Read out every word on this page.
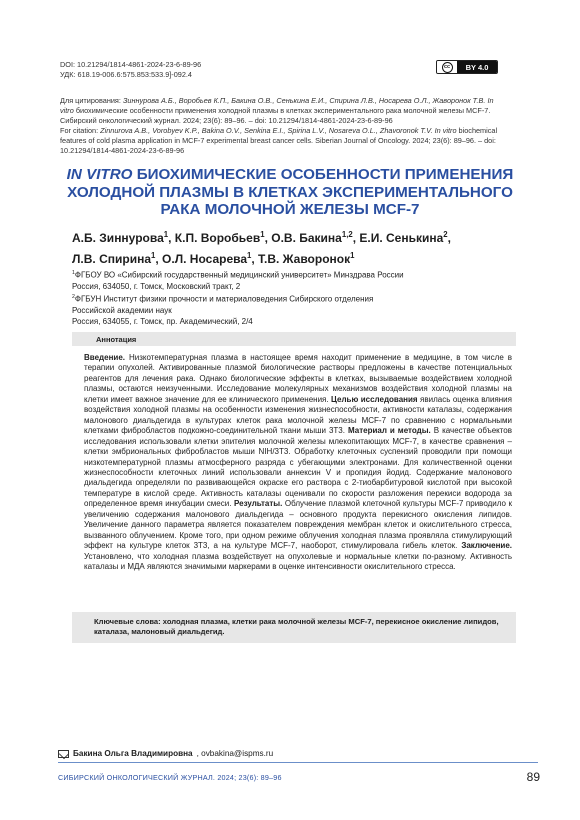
DOI: 10.21294/1814-4861-2024-23-6-89-96
УДК: 618.19-006.6:575.853:533.9]-092.4
cc	BY 4.0

Для цитирования: Зиннурова А.Б., Воробьев К.П., Бакина О.В., Сенькина Е.И., Спирина Л.В., Носарева О.Л., Жаворонок Т.В. In vitro биохимические особенности применения холодной плазмы в клетках экспериментального рака молочной железы MCF-7. Сибирский онкологический журнал. 2024; 23(6): 89–96. – doi: 10.21294/1814-4861-2024-23-6-89-96

For citation: Zinnurova A.B., Vorobyev K.P., Bakina O.V., Senkina E.I., Spirina L.V., Nosareva O.L., Zhavoronok T.V. In vitro biochemical features of cold plasma application in MCF-7 experimental breast cancer cells. Siberian Journal of Oncology. 2024; 23(6): 89–96. – doi: 10.21294/1814-4861-2024-23-6-89-96

IN VITRO БИОХИМИЧЕСКИЕ ОСОБЕННОСТИ ПРИМЕНЕНИЯ ХОЛОДНОЙ ПЛАЗМЫ В КЛЕТКАХ ЭКСПЕРИМЕНТАЛЬНОГО РАКА МОЛОЧНОЙ ЖЕЛЕЗЫ MCF-7
А.Б. Зиннурова$^1$, К.П. Воробьев$^1$, О.В. Бакина$^{1,2}$, Е.И. Сенькина$^2$,
Л.В. Спирина$^1$, О.Л. Носарева$^1$, Т.В. Жаворонок$^1$
$^1$ФГБОУ ВО «Сибирский государственный медицинский университет» Минздрава России
Россия, 634050, г. Томск, Московский тракт, 2
$^2$ФГБУН Институт физики прочности и материаловедения Сибирского отделения
Российской академии наук
Россия, 634055, г. Томск, пр. Академический, 2/4
Аннотация
Введение. Низкотемпературная плазма в настоящее время находит применение в медицине, в том числе в терапии опухолей. Активированные плазмой биологические растворы предложены в качестве потенциальных реагентов для лечения рака. Однако биологические эффекты в клетках, вызываемые воздействием холодной плазмы, остаются неизученными. Исследование молекулярных механизмов воздействия холодной плазмы на клетки имеет важное значение для ее клинического применения. Целью исследования явилась оценка влияния воздействия холодной плазмы на особенности изменения жизнеспособности, активности каталазы, содержания малонового диальдегида в культурах клеток рака молочной железы MCF-7 по сравнению с нормальными клетками фибробластов подкожно-соединительной ткани мыши 3Т3. Материал и методы. В качестве объектов исследования использовали клетки эпителия молочной железы млекопитающих MCF-7, в качестве сравнения – клетки эмбриональных фибробластов мыши NIH/3T3. Обработку клеточных суспензий проводили при помощи низкотемпературной плазмы атмосферного разряда с убегающими электронами. Для количественной оценки жизнеспособности клеточных линий использовали аннексин V и пропидия йодид. Содержание малонового диальдегида определяли по развивающейся окраске его раствора с 2-тиобарбитуровой кислотой при высокой температуре в кислой среде. Активность каталазы оценивали по скорости разложения перекиси водорода за определенное время инкубации смеси. Результаты. Облучение плазмой клеточной культуры MCF-7 приводило к увеличению содержания малонового диальдегида – основного продукта перекисного окисления липидов. Увеличение данного параметра является показателем повреждения мембран клеток и окислительного стресса, вызванного облучением. Кроме того, при одном режиме облучения холодная плазма проявляла стимулирующий эффект на культуре клеток 3Т3, а на культуре MCF-7, наоборот, стимулировала гибель клеток. Заключение. Установлено, что холодная плазма воздействует на опухолевые и нормальные клетки по-разному. Активность каталазы и МДА являются значимыми маркерами в оценке интенсивности окислительного стресса.
Ключевые слова: холодная плазма, клетки рака молочной железы MCF-7, перекисное окисление липидов, каталаза, малоновый диальдегид.
Бакина Ольга Владимировна , ovbakina@ispms.ru
СИБИРСКИЙ ОНКОЛОГИЧЕСКИЙ ЖУРНАЛ. 2024; 23(6): 89–96	89
